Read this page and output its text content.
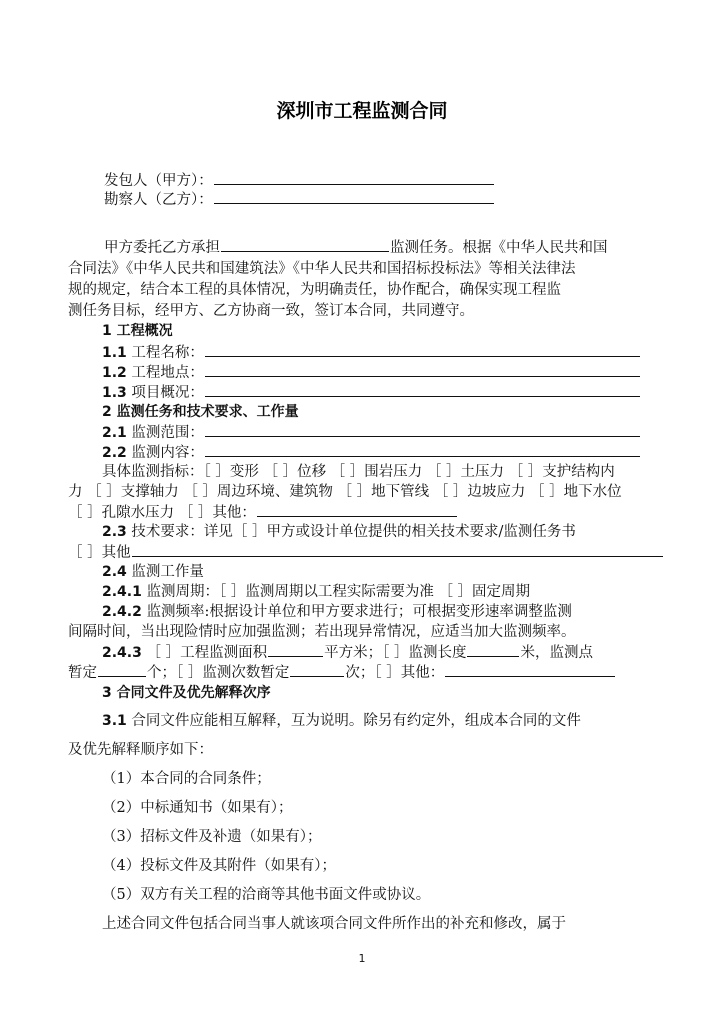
深圳市工程监测合同
发包人（甲方）：
勘察人（乙方）：
甲方委托乙方承担	监测任务。根据《中华人民共和国
合同法》《中华人民共和国建筑法》《中华人民共和国招标投标法》等相关法律法
规的规定，结合本工程的具体情况，为明确责任，协作配合，确保实现工程监
测任务目标，经甲方、乙方协商一致，签订本合同，共同遵守。
1 工程概况
1.1 工程名称：
1.2 工程地点：
1.3 项目概况：
2 监测任务和技术要求、工作量
2.1 监测范围：
2.2 监测内容：
具体监测指标：［ ］变形 ［ ］位移 ［ ］围岩压力 ［ ］土压力 ［ ］支护结构内
力 ［ ］支撑轴力 ［ ］周边环境、建筑物 ［ ］地下管线 ［ ］边坡应力 ［ ］地下水位
［ ］孔隙水压力 ［ ］其他：
2.3 技术要求：详见［ ］甲方或设计单位提供的相关技术要求/监测任务书
［ ］其他
2.4 监测工作量
2.4.1 监测周期：［ ］监测周期以工程实际需要为准 ［ ］固定周期
2.4.2 监测频率:根据设计单位和甲方要求进行；可根据变形速率调整监测
间隔时间，当出现险情时应加强监测；若出现异常情况，应适当加大监测频率。
2.4.3 ［ ］工程监测面积	平方米；［ ］监测长度	米，监测点
暂定	个；［ ］监测次数暂定	次；［ ］其他：
3 合同文件及优先解释次序
3.1 合同文件应能相互解释，互为说明。除另有约定外，组成本合同的文件
及优先解释顺序如下：
（1）本合同的合同条件；
（2）中标通知书（如果有）；
（3）招标文件及补遗（如果有）；
（4）投标文件及其附件（如果有）；
（5）双方有关工程的洽商等其他书面文件或协议。
上述合同文件包括合同当事人就该项合同文件所作出的补充和修改，属于
1
